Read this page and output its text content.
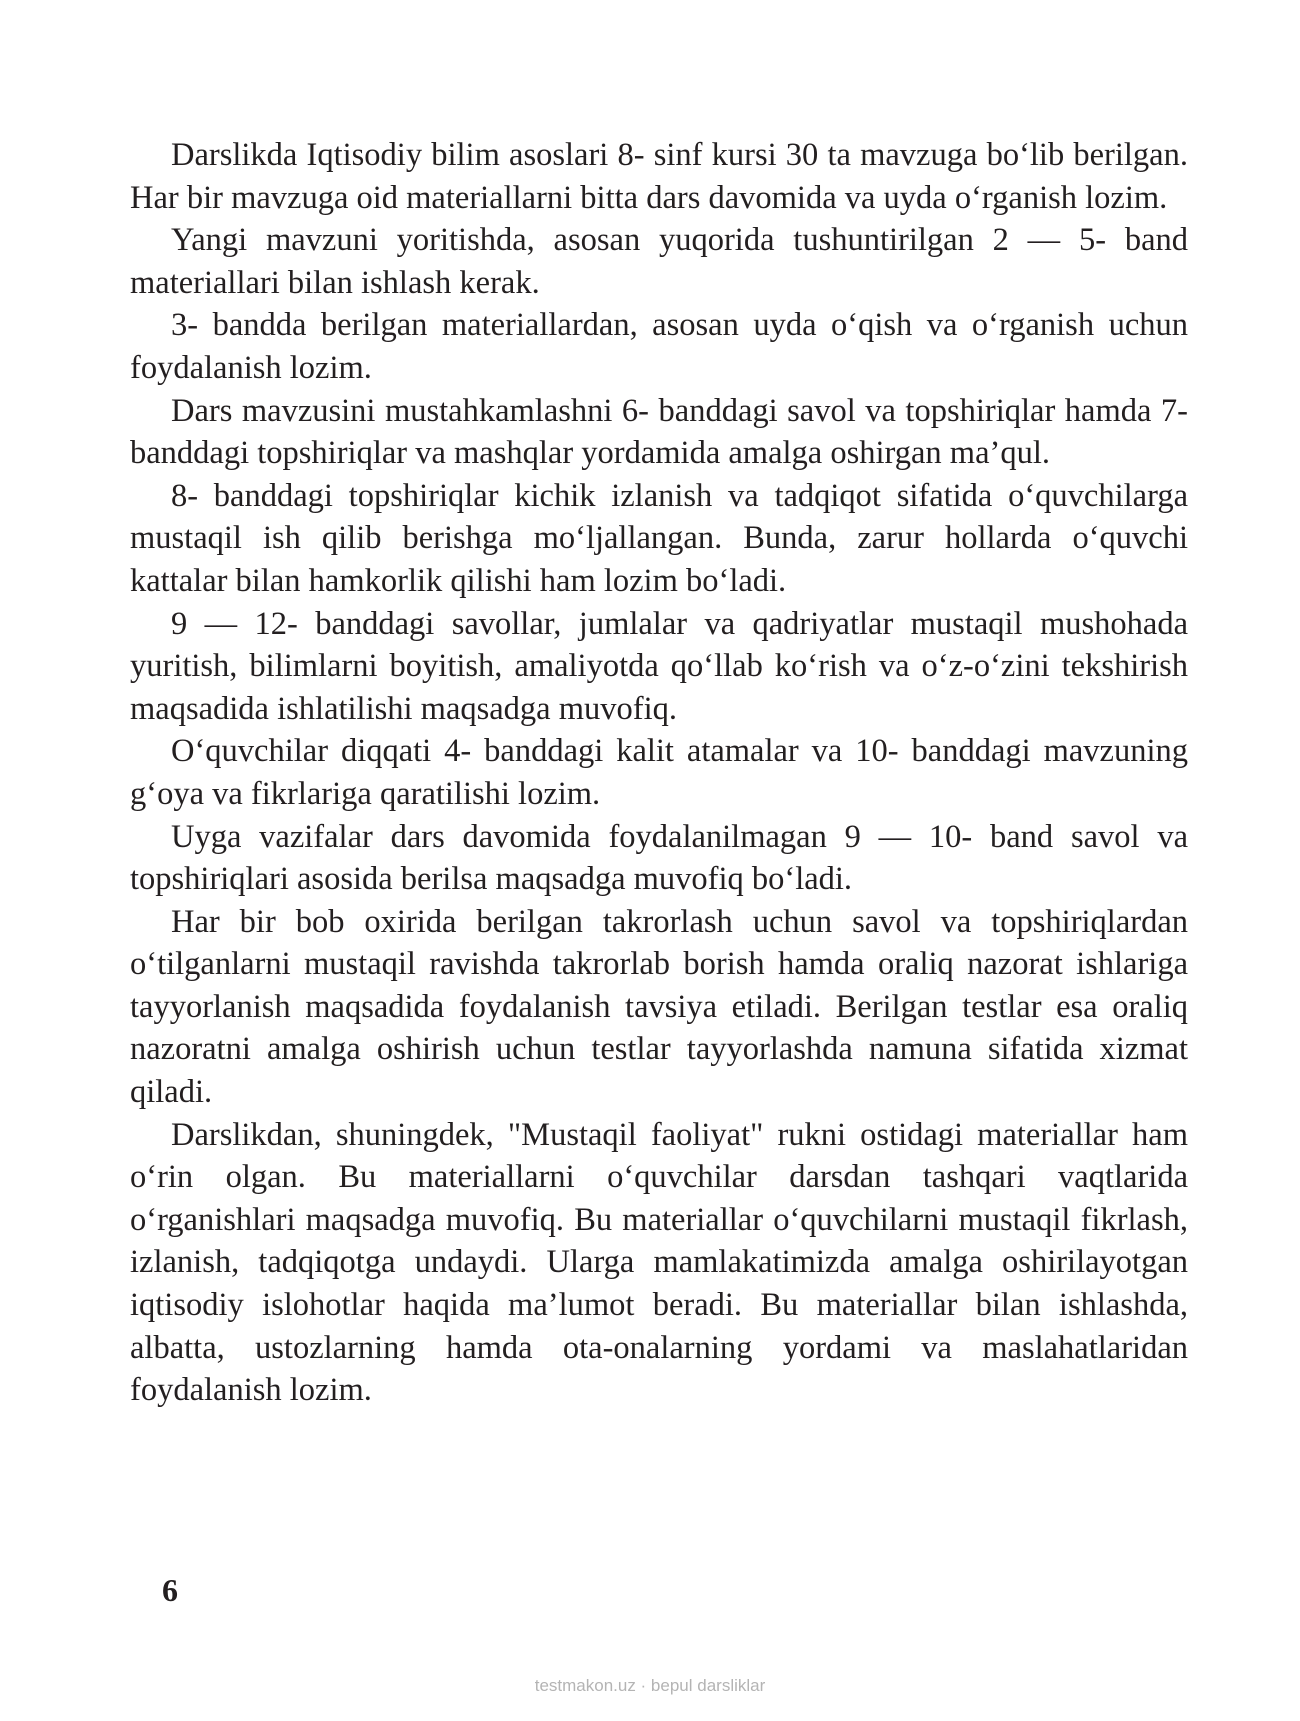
Darslikda Iqtisodiy bilim asoslari 8- sinf kursi 30 ta mavzuga bo‘lib berilgan. Har bir mavzuga oid materiallarni bitta dars davomida va uyda o‘rganish lozim.

Yangi mavzuni yoritishda, asosan yuqorida tushuntirilgan 2 — 5- band materiallari bilan ishlash kerak.

3- bandda berilgan materiallardan, asosan uyda o‘qish va o‘rganish uchun foydalanish lozim.

Dars mavzusini mustahkamlashni 6- banddagi savol va topshiriqlar hamda 7- banddagi topshiriqlar va mashqlar yordamida amalga oshirgan ma’qul.

8- banddagi topshiriqlar kichik izlanish va tadqiqot sifatida o‘quvchilarga mustaqil ish qilib berishga mo‘ljallangan. Bunda, zarur hollarda o‘quvchi kattalar bilan hamkorlik qilishi ham lozim bo‘ladi.

9 — 12- banddagi savollar, jumlalar va qadriyatlar mustaqil mushohada yuritish, bilimlarni boyitish, amaliyotda qo‘llab ko‘rish va o‘z-o‘zini tekshirish maqsadida ishlatilishi maqsadga muvofiq.

O‘quvchilar diqqati 4- banddagi kalit atamalar va 10- banddagi mavzuning g‘oya va fikrlariga qaratilishi lozim.

Uyga vazifalar dars davomida foydalanilmagan 9 — 10- band savol va topshiriqlari asosida berilsa maqsadga muvofiq bo‘ladi.

Har bir bob oxirida berilgan takrorlash uchun savol va topshiriqlardan o‘tilganlarni mustaqil ravishda takrorlab borish hamda oraliq nazorat ishlariga tayyorlanish maqsadida foydalanish tavsiya etiladi. Berilgan testlar esa oraliq nazoratni amalga oshirish uchun testlar tayyorlashda namuna sifatida xizmat qiladi.

Darslikdan, shuningdek, "Mustaqil faoliyat" rukni ostidagi materiallar ham o‘rin olgan. Bu materiallarni o‘quvchilar darsdan tashqari vaqtlarida o‘rganishlari maqsadga muvofiq. Bu materiallar o‘quvchilarni mustaqil fikrlash, izlanish, tadqiqotga undaydi. Ularga mamlakatimizda amalga oshirilayotgan iqtisodiy islohotlar haqida ma’lumot beradi. Bu materiallar bilan ishlashda, albatta, ustozlarning hamda ota-onalarning yordami va maslahatlaridan foydalanish lozim.

6
testmakon.uz · bepul darsliklar
